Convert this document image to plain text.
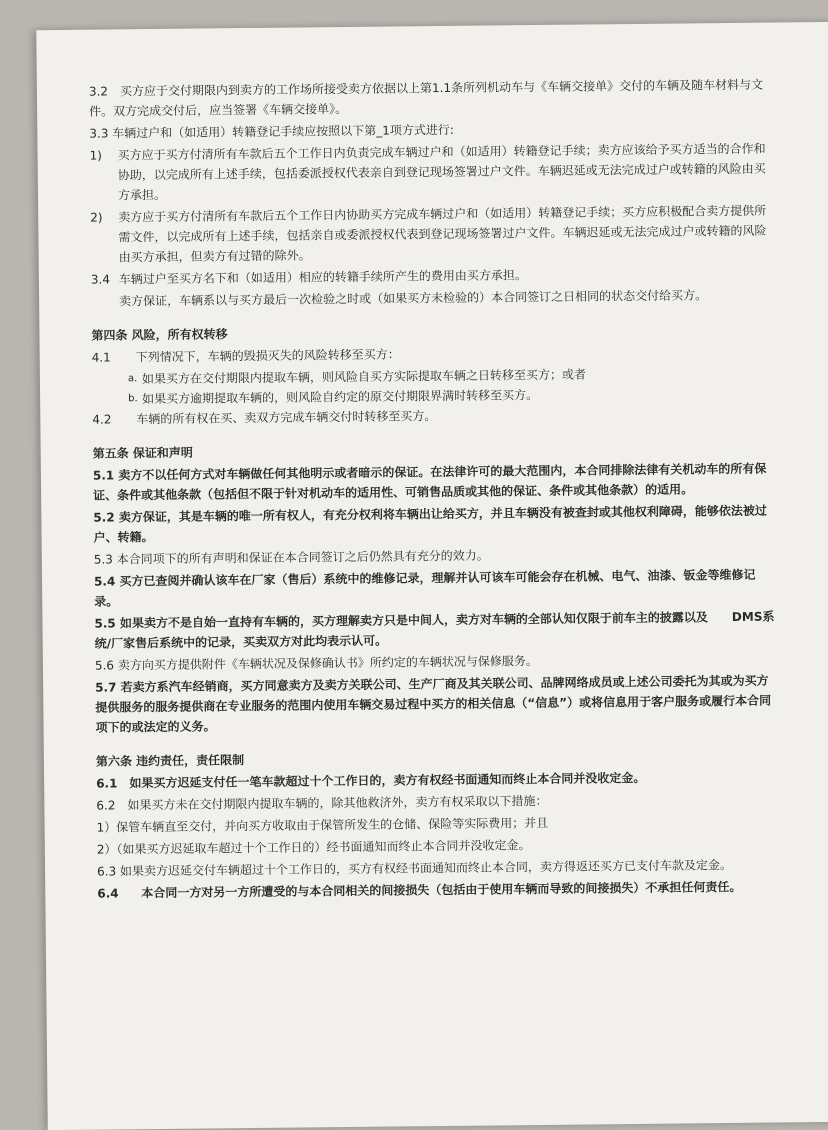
3.2　买方应于交付期限内到卖方的工作场所接受卖方依据以上第1.1条所列机动车与《车辆交接单》交付的车辆及随车材料与文件。双方完成交付后，应当签署《车辆交接单》。

3.3 车辆过户和（如适用）转籍登记手续应按照以下第_1项方式进行:

1)	买方应于买方付清所有车款后五个工作日内负责完成车辆过户和（如适用）转籍登记手续；卖方应该给予买方适当的合作和协助，以完成所有上述手续，包括委派授权代表亲自到登记现场签署过户文件。车辆迟延或无法完成过户或转籍的风险由买方承担。
2)	卖方应于买方付清所有车款后五个工作日内协助买方完成车辆过户和（如适用）转籍登记手续；买方应积极配合卖方提供所需文件，以完成所有上述手续，包括亲自或委派授权代表到登记现场签署过户文件。车辆迟延或无法完成过户或转籍的风险由买方承担，但卖方有过错的除外。
3.4 车辆过户至买方名下和（如适用）相应的转籍手续所产生的费用由买方承担。

卖方保证，车辆系以与买方最后一次检验之时或（如果买方未检验的）本合同签订之日相同的状态交付给买方。

第四条 风险，所有权转移

4.1	下列情况下，车辆的毁损灭失的风险转移至买方：
a. 如果买方在交付期限内提取车辆，则风险自买方实际提取车辆之日转移至买方；或者
b. 如果买方逾期提取车辆的，则风险自约定的原交付期限界满时转移至买方。
4.2	车辆的所有权在买、卖双方完成车辆交付时转移至买方。

第五条 保证和声明

5.1 卖方不以任何方式对车辆做任何其他明示或者暗示的保证。在法律许可的最大范围内，本合同排除法律有关机动车的所有保证、条件或其他条款（包括但不限于针对机动车的适用性、可销售品质或其他的保证、条件或其他条款）的适用。

5.2 卖方保证，其是车辆的唯一所有权人，有充分权利将车辆出让给买方，并且车辆没有被查封或其他权利障碍，能够依法被过户、转籍。

5.3 本合同项下的所有声明和保证在本合同签订之后仍然具有充分的效力。

5.4 买方已查阅并确认该车在厂家（售后）系统中的维修记录，理解并认可该车可能会存在机械、电气、油漆、钣金等维修记录。

5.5 如果卖方不是自始一直持有车辆的，买方理解卖方只是中间人，卖方对车辆的全部认知仅限于前车主的披露以及　　DMS系统/厂家售后系统中的记录，买卖双方对此均表示认可。

5.6 卖方向买方提供附件《车辆状况及保修确认书》所约定的车辆状况与保修服务。

5.7 若卖方系汽车经销商，买方同意卖方及卖方关联公司、生产厂商及其关联公司、品牌网络成员或上述公司委托为其或为买方提供服务的服务提供商在专业服务的范围内使用车辆交易过程中买方的相关信息（“信息”）或将信息用于客户服务或履行本合同项下的或法定的义务。

第六条 违约责任，责任限制

6.1　如果买方迟延支付任一笔车款超过十个工作日的，卖方有权经书面通知而终止本合同并没收定金。

6.2　如果买方未在交付期限内提取车辆的，除其他救济外，卖方有权采取以下措施：

1）保管车辆直至交付，并向买方收取由于保管所发生的仓储、保险等实际费用；并且

2）（如果买方迟延取车超过十个工作日的）经书面通知而终止本合同并没收定金。

6.3 如果卖方迟延交付车辆超过十个工作日的，买方有权经书面通知而终止本合同，卖方得返还买方已支付车款及定金。

6.4	本合同一方对另一方所遭受的与本合同相关的间接损失（包括由于使用车辆而导致的间接损失）不承担任何责任。
